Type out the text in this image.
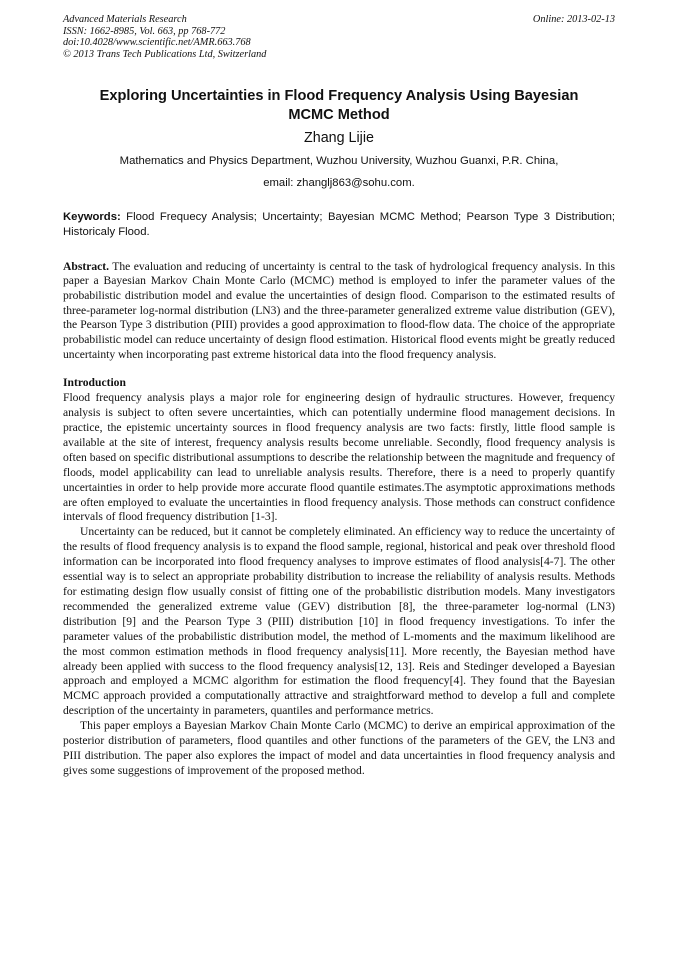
Advanced Materials Research
ISSN: 1662-8985, Vol. 663, pp 768-772
doi:10.4028/www.scientific.net/AMR.663.768
© 2013 Trans Tech Publications Ltd, Switzerland
Online: 2013-02-13
Exploring Uncertainties in Flood Frequency Analysis Using Bayesian MCMC Method
Zhang Lijie
Mathematics and Physics Department, Wuzhou University, Wuzhou Guanxi, P.R. China,
email: zhanglj863@sohu.com.
Keywords: Flood Frequecy Analysis; Uncertainty; Bayesian MCMC Method; Pearson Type 3 Distribution; Historicaly Flood.
Abstract. The evaluation and reducing of uncertainty is central to the task of hydrological frequency analysis. In this paper a Bayesian Markov Chain Monte Carlo (MCMC) method is employed to infer the parameter values of the probabilistic distribution model and evalue the uncertainties of design flood. Comparison to the estimated results of three-parameter log-normal distribution (LN3) and the three-parameter generalized extreme value distribution (GEV), the Pearson Type 3 distribution (PIII) provides a good approximation to flood-flow data. The choice of the appropriate probabilistic model can reduce uncertainty of design flood estimation. Historical flood events might be greatly reduced uncertainty when incorporating past extreme historical data into the flood frequency analysis.
Introduction

Flood frequency analysis plays a major role for engineering design of hydraulic structures. However, frequency analysis is subject to often severe uncertainties, which can potentially undermine flood management decisions. In practice, the epistemic uncertainty sources in flood frequency analysis are two facts: firstly, little flood sample is available at the site of interest, frequency analysis results become unreliable. Secondly, flood frequency analysis is often based on specific distributional assumptions to describe the relationship between the magnitude and frequency of floods, model applicability can lead to unreliable analysis results. Therefore, there is a need to properly quantify uncertainties in order to help provide more accurate flood quantile estimates.The asymptotic approximations methods are often employed to evaluate the uncertainties in flood frequency analysis. Those methods can construct confidence intervals of flood frequency distribution [1-3].

Uncertainty can be reduced, but it cannot be completely eliminated. An efficiency way to reduce the uncertainty of the results of flood frequency analysis is to expand the flood sample, regional, historical and peak over threshold flood information can be incorporated into flood frequency analyses to improve estimates of flood analysis[4-7]. The other essential way is to select an appropriate probability distribution to increase the reliability of analysis results. Methods for estimating design flow usually consist of fitting one of the probabilistic distribution models. Many investigators recommended the generalized extreme value (GEV) distribution [8], the three-parameter log-normal (LN3) distribution [9] and the Pearson Type 3 (PIII) distribution [10] in flood frequency investigations. To infer the parameter values of the probabilistic distribution model, the method of L-moments and the maximum likelihood are the most common estimation methods in flood frequency analysis[11]. More recently, the Bayesian method have already been applied with success to the flood frequency analysis[12, 13]. Reis and Stedinger developed a Bayesian approach and employed a MCMC algorithm for estimation the flood frequency[4]. They found that the Bayesian MCMC approach provided a computationally attractive and straightforward method to develop a full and complete description of the uncertainty in parameters, quantiles and performance metrics.

This paper employs a Bayesian Markov Chain Monte Carlo (MCMC) to derive an empirical approximation of the posterior distribution of parameters, flood quantiles and other functions of the parameters of the GEV, the LN3 and PIII distribution. The paper also explores the impact of model and data uncertainties in flood frequency analysis and gives some suggestions of improvement of the proposed method.
